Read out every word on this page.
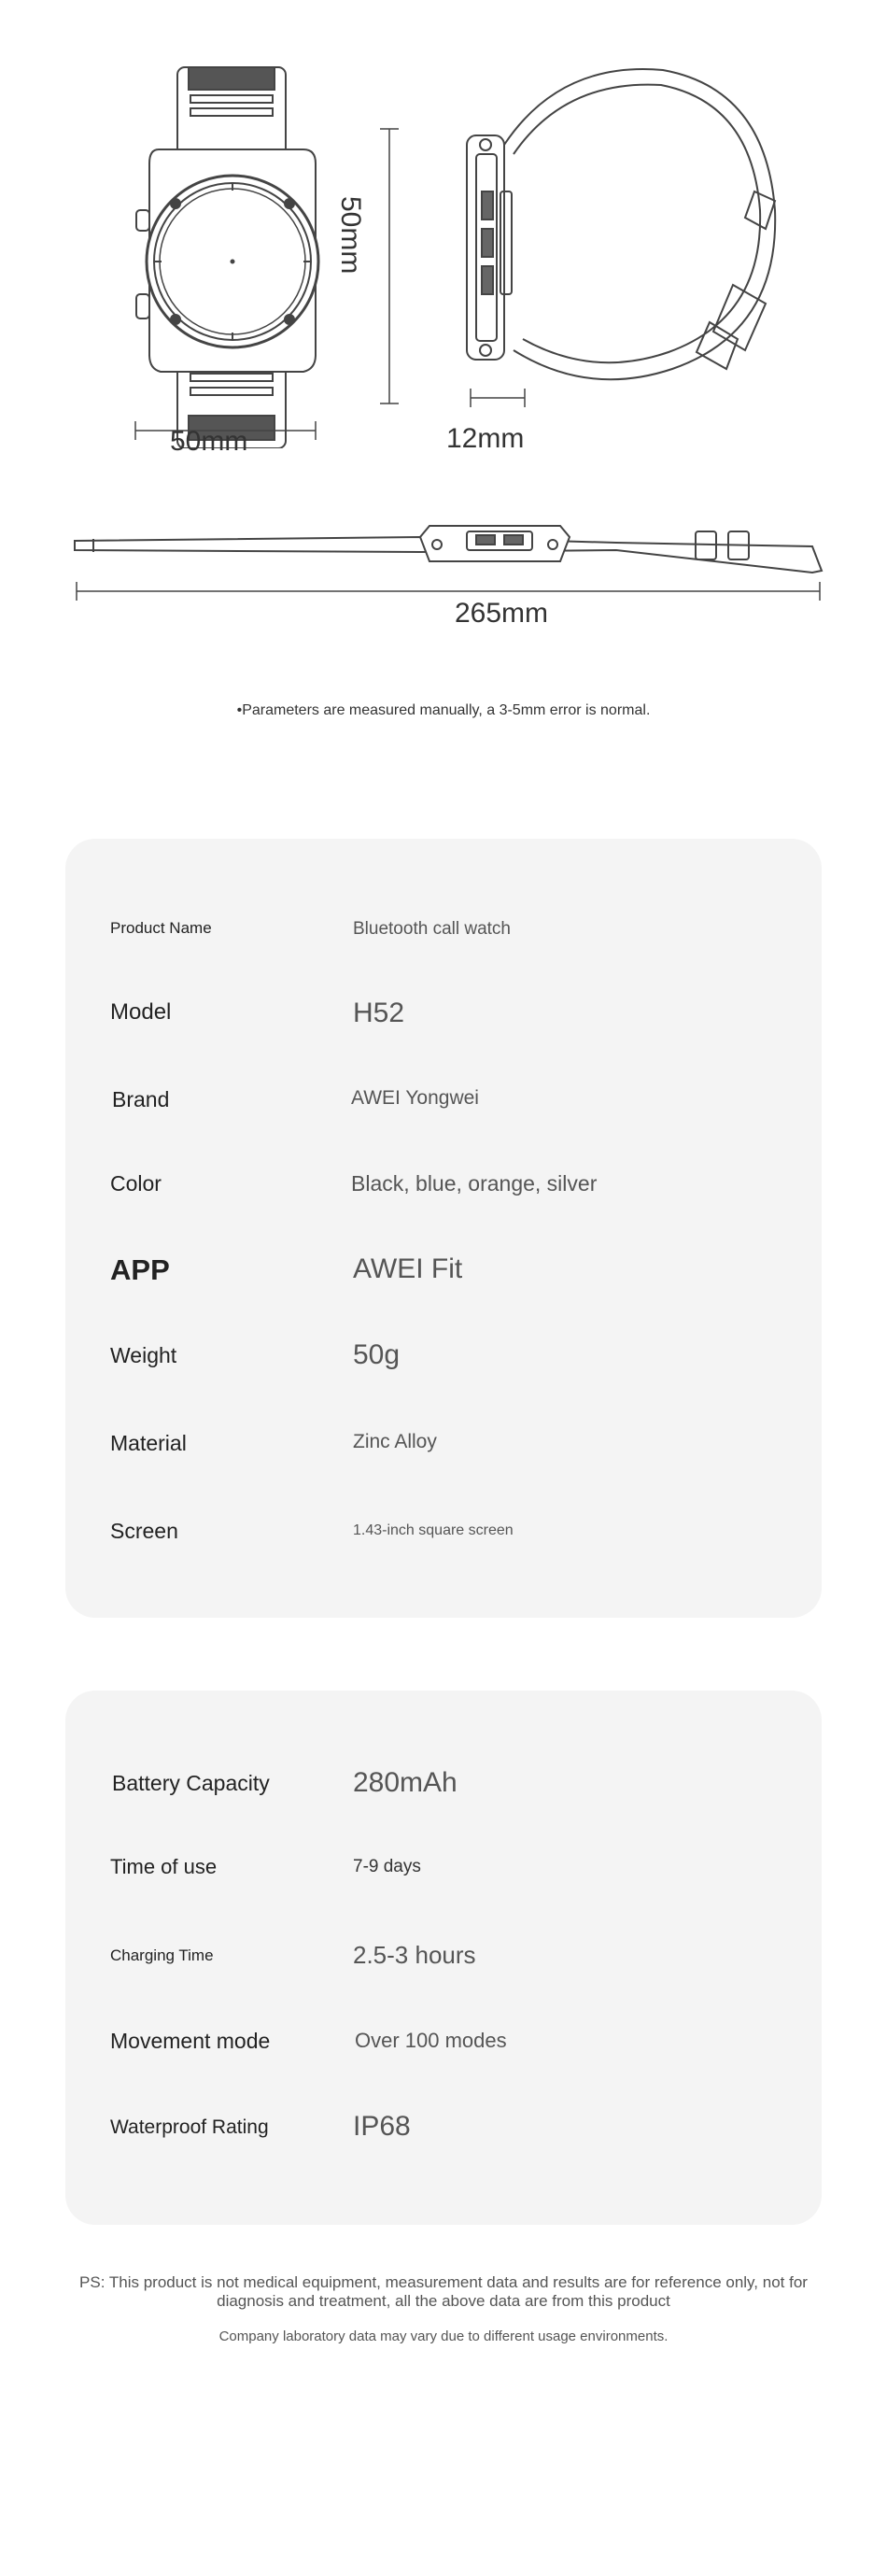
50mm
50mm	12mm
265mm
•Parameters are measured manually, a 3-5mm error is normal.
Product Name	Bluetooth call watch
Model	H52
Brand	AWEI Yongwei
Color	Black, blue, orange, silver
APP	AWEI Fit
Weight	50g
Material	Zinc Alloy
Screen	1.43-inch square screen
Battery Capacity	280mAh
Time of use	7-9 days
Charging Time	2.5-3 hours
Movement mode	Over 100 modes
Waterproof Rating	IP68
PS: This product is not medical equipment, measurement data and results are for reference only, not for diagnosis and treatment, all the above data are from this product
Company laboratory data may vary due to different usage environments.
